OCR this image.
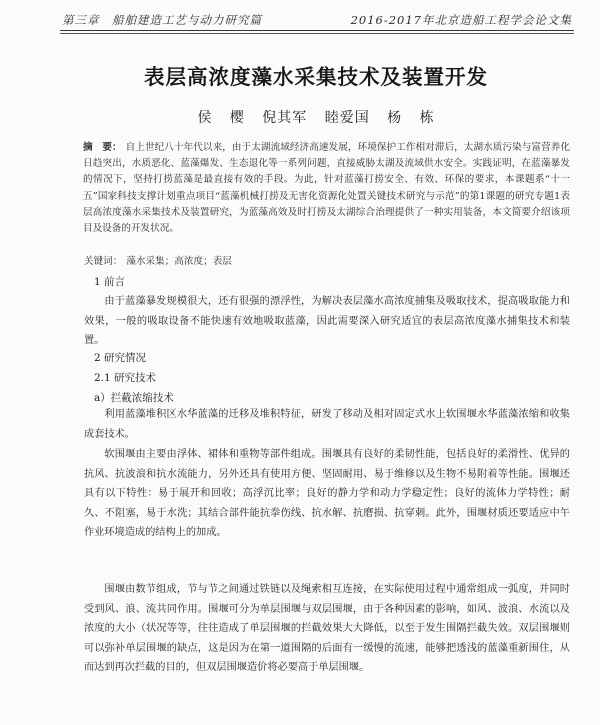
第三章　船舶建造工艺与动力研究篇	2016-2017年北京造船工程学会论文集
表层高浓度藻水采集技术及装置开发
侯 樱 倪其军 睦爱国 杨 栋
摘　要： 自上世纪八十年代以来，由于太湖流域经济高速发展，环境保护工作相对滞后，太湖水质污染与富营养化日趋突出，水质恶化、蓝藻爆发、生态退化等一系列问题，直接威胁太湖及流域供水安全。实践证明，在蓝藻暴发的情况下，坚持打捞蓝藻是最直接有效的手段。为此，针对蓝藻打捞安全、有效、环保的要求，本课题系“十一五”国家科技支撑计划重点项目“蓝藻机械打捞及无害化资源化处置关键技术研究与示范”的第1课题的研究专题1表层高浓度藻水采集技术及装置研究，为蓝藻高效及时打捞及太湖综合治理提供了一种实用装备，本文简要介绍该项目及设备的开发状况。
关键词： 藻水采集；高浓度；表层
1 前言
由于蓝藻暴发规模很大，还有很强的漂浮性，为解决表层藻水高浓度捕集及吸取技术，提高吸取能力和效果，一般的吸取设备不能快速有效地吸取蓝藻，因此需要深入研究适宜的表层高浓度藻水捕集技术和装置。
2 研究情况
2.1 研究技术
a）拦截浓缩技术
利用蓝藻堆积区水华蓝藻的迁移及堆积特征，研发了移动及相对固定式水上软围堰水华蓝藻浓缩和收集成套技术。
软围堰由主要由浮体、裙体和重物等部件组成。围堰具有良好的柔韧性能，包括良好的柔滑性、优异的抗风、抗波浪和抗水流能力，另外还具有使用方便、坚固耐用、易于维修以及生物不易附着等性能。围堰还具有以下特性：易于展开和回收；高浮沉比率；良好的静力学和动力学稳定性；良好的流体力学特性；耐久、不阻塞，易于水洗；其结合部件能抗拳伤线、抗水解、抗磨损、抗穿刺。此外，围堰材质还要适应中午作业环境造成的结构上的加成。
围堰由数节组成，节与节之间通过铁链以及绳索相互连接，在实际使用过程中通常组成一弧度，并同时受到风、浪、流共同作用。围堰可分为单层围堰与双层围堰，由于各种因素的影响，如风、波浪、水流以及浓度的大小（状况等等，往往造成了单层围堰的拦截效果大大降低，以至于发生围隔拦截失效。双层围堰则可以弥补单层围堰的缺点，这是因为在第一道围隔的后面有一缓慢的流速，能够把透浅的蓝藻重新围住，从而达到再次拦截的目的，但双层围堰造价将必要高于单层围堰。
